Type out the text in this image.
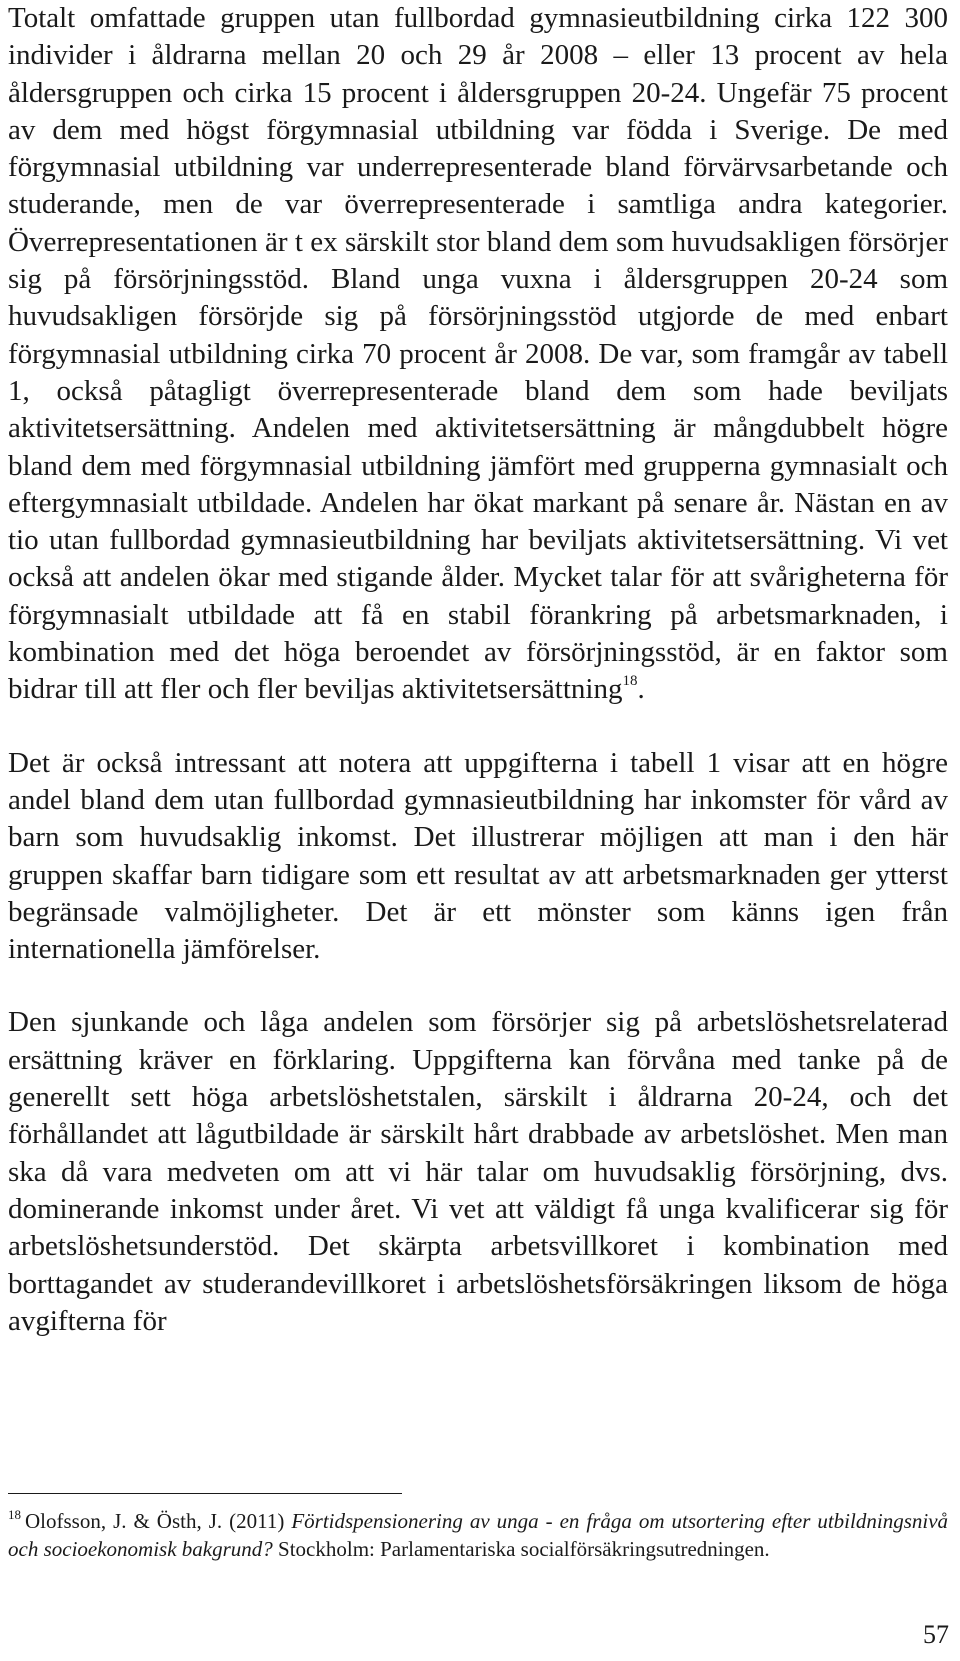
Totalt omfattade gruppen utan fullbordad gymnasieutbildning cirka 122 300 individer i åldrarna mellan 20 och 29 år 2008 – eller 13 procent av hela åldersgruppen och cirka 15 procent i åldersgruppen 20-24. Ungefär 75 procent av dem med högst förgymnasial utbildning var födda i Sverige. De med förgymnasial utbildning var underrepresenterade bland förvärvsarbetande och studerande, men de var överrepresenterade i samtliga andra kategorier. Överrepresentationen är t ex särskilt stor bland dem som huvudsakligen försörjer sig på försörjningsstöd. Bland unga vuxna i åldersgruppen 20-24 som huvudsakligen försörjde sig på försörjningsstöd utgjorde de med enbart förgymnasial utbildning cirka 70 procent år 2008. De var, som framgår av tabell 1, också påtagligt överrepresenterade bland dem som hade beviljats aktivitetsersättning. Andelen med aktivitetsersättning är mångdubbelt högre bland dem med förgymnasial utbildning jämfört med grupperna gymnasialt och eftergymnasialt utbildade. Andelen har ökat markant på senare år. Nästan en av tio utan fullbordad gymnasieutbildning har beviljats aktivitetsersättning. Vi vet också att andelen ökar med stigande ålder. Mycket talar för att svårigheterna för förgymnasialt utbildade att få en stabil förankring på arbetsmarknaden, i kombination med det höga beroendet av försörjningsstöd, är en faktor som bidrar till att fler och fler beviljas aktivitetsersättning$^{18}$.

Det är också intressant att notera att uppgifterna i tabell 1 visar att en högre andel bland dem utan fullbordad gymnasieutbildning har inkomster för vård av barn som huvudsaklig inkomst. Det illustrerar möjligen att man i den här gruppen skaffar barn tidigare som ett resultat av att arbetsmarknaden ger ytterst begränsade valmöjligheter. Det är ett mönster som känns igen från internationella jämförelser.

Den sjunkande och låga andelen som försörjer sig på arbetslöshetsrelaterad ersättning kräver en förklaring. Uppgifterna kan förvåna med tanke på de generellt sett höga arbetslöshetstalen, särskilt i åldrarna 20-24, och det förhållandet att lågutbildade är särskilt hårt drabbade av arbetslöshet. Men man ska då vara medveten om att vi här talar om huvudsaklig försörjning, dvs. dominerande inkomst under året. Vi vet att väldigt få unga kvalificerar sig för arbetslöshetsunderstöd. Det skärpta arbetsvillkoret i kombination med borttagandet av studerandevillkoret i arbetslöshetsförsäkringen liksom de höga avgifterna för

$^{18}$ Olofsson, J. & Östh, J. (2011) Förtidspensionering av unga - en fråga om utsortering efter utbildningsnivå och socioekonomisk bakgrund? Stockholm: Parlamentariska socialförsäkringsutredningen.

57
